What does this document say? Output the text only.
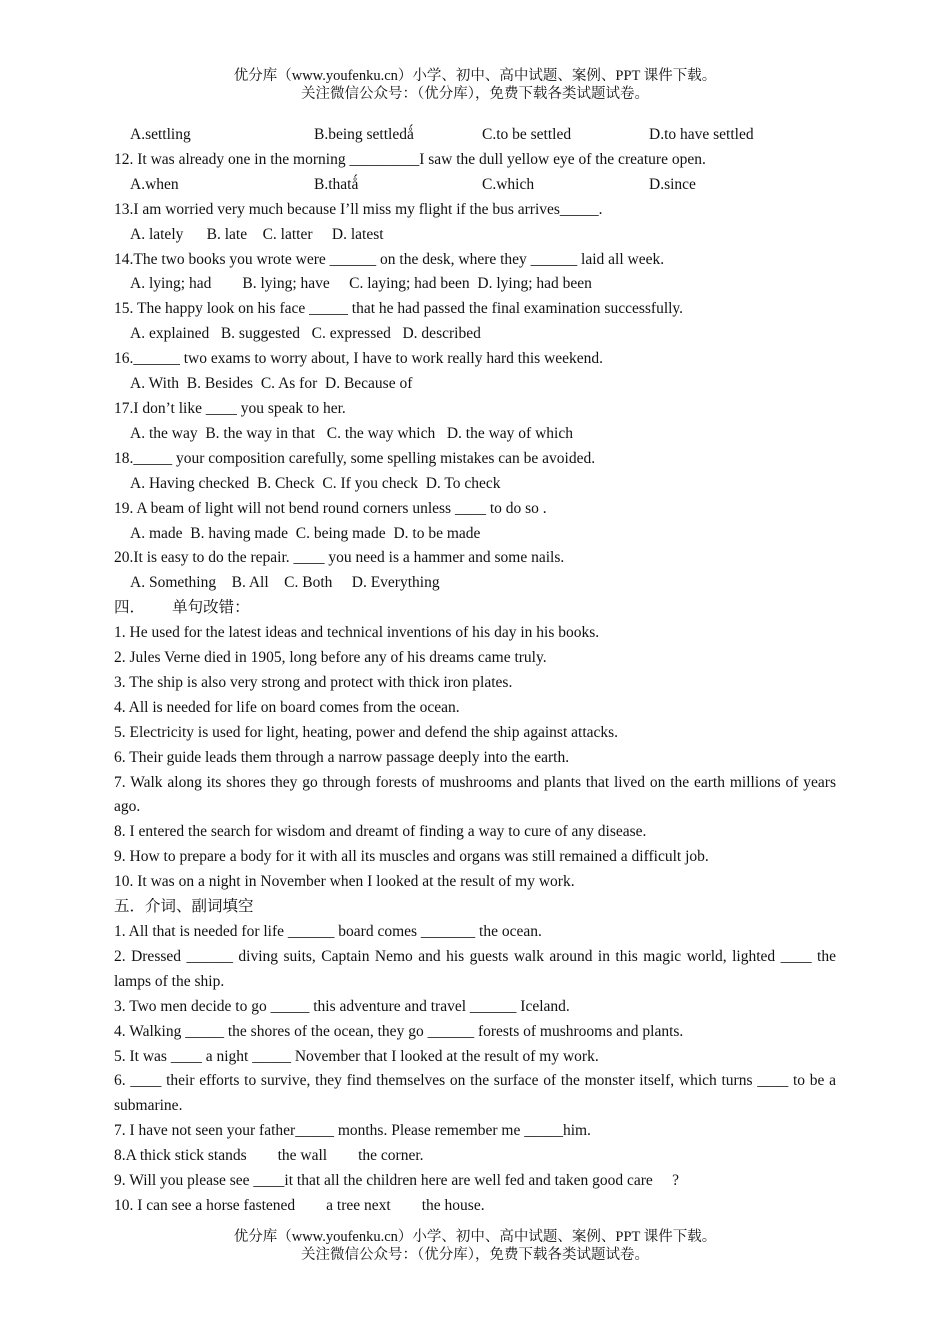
优分库（www.youfenku.cn）小学、初中、高中试题、案例、PPT 课件下载。
关注微信公众号：（优分库），免费下载各类试题试卷。
A.settling	B.being settledǻ	C.to be settled	D.to have settled
12. It was already one in the morning _________I saw the dull yellow eye of the creature open.
A.when	B.thatǻ	C.which	D.since
13.I am worried very much because I’ll miss my flight if the bus arrives_____.
A. lately      B. late    C. latter     D. latest
14.The two books you wrote were ______ on the desk, where they ______ laid all week.
A. lying; had        B. lying; have     C. laying; had been  D. lying; had been
15. The happy look on his face _____ that he had passed the final examination successfully.
A. explained   B. suggested   C. expressed   D. described
16.______ two exams to worry about, I have to work really hard this weekend.
A. With  B. Besides  C. As for  D. Because of
17.I don’t like ____ you speak to her.
A. the way  B. the way in that   C. the way which   D. the way of which
18._____ your composition carefully, some spelling mistakes can be avoided.
A. Having checked  B. Check  C. If you check  D. To check
19. A beam of light will not bend round corners unless ____ to do so .
A. made  B. having made  C. being made  D. to be made
20.It is easy to do the repair. ____ you need is a hammer and some nails.
A. Something    B. All    C. Both     D. Everything
四．       单句改错：
1. He used for the latest ideas and technical inventions of his day in his books.
2. Jules Verne died in 1905, long before any of his dreams came truly.
3. The ship is also very strong and protect with thick iron plates.
4. All is needed for life on board comes from the ocean.
5. Electricity is used for light, heating, power and defend the ship against attacks.
6. Their guide leads them through a narrow passage deeply into the earth.
7. Walk along its shores they go through forests of mushrooms and plants that lived on the earth millions of years ago.
8. I entered the search for wisdom and dreamt of finding a way to cure of any disease.
9. How to prepare a body for it with all its muscles and organs was still remained a difficult job.
10. It was on a night in November when I looked at the result of my work.
五．介词、副词填空
1. All that is needed for life ______ board comes _______ the ocean.
2. Dressed ______ diving suits, Captain Nemo and his guests walk around in this magic world, lighted ____ the lamps of the ship.
3. Two men decide to go _____ this adventure and travel ______ Iceland.
4. Walking _____ the shores of the ocean, they go ______ forests of mushrooms and plants.
5. It was ____ a night _____ November that I looked at the result of my work.
6. ____ their efforts to survive, they find themselves on the surface of the monster itself, which turns ____ to be a submarine.
7. I have not seen your father_____ months. Please remember me _____him.
8.A thick stick stands        the wall        the corner.
9. Will you please see ____it that all the children here are well fed and taken good care     ?
10. I can see a horse fastened        a tree next        the house.
优分库（www.youfenku.cn）小学、初中、高中试题、案例、PPT 课件下载。
关注微信公众号：（优分库），免费下载各类试题试卷。
